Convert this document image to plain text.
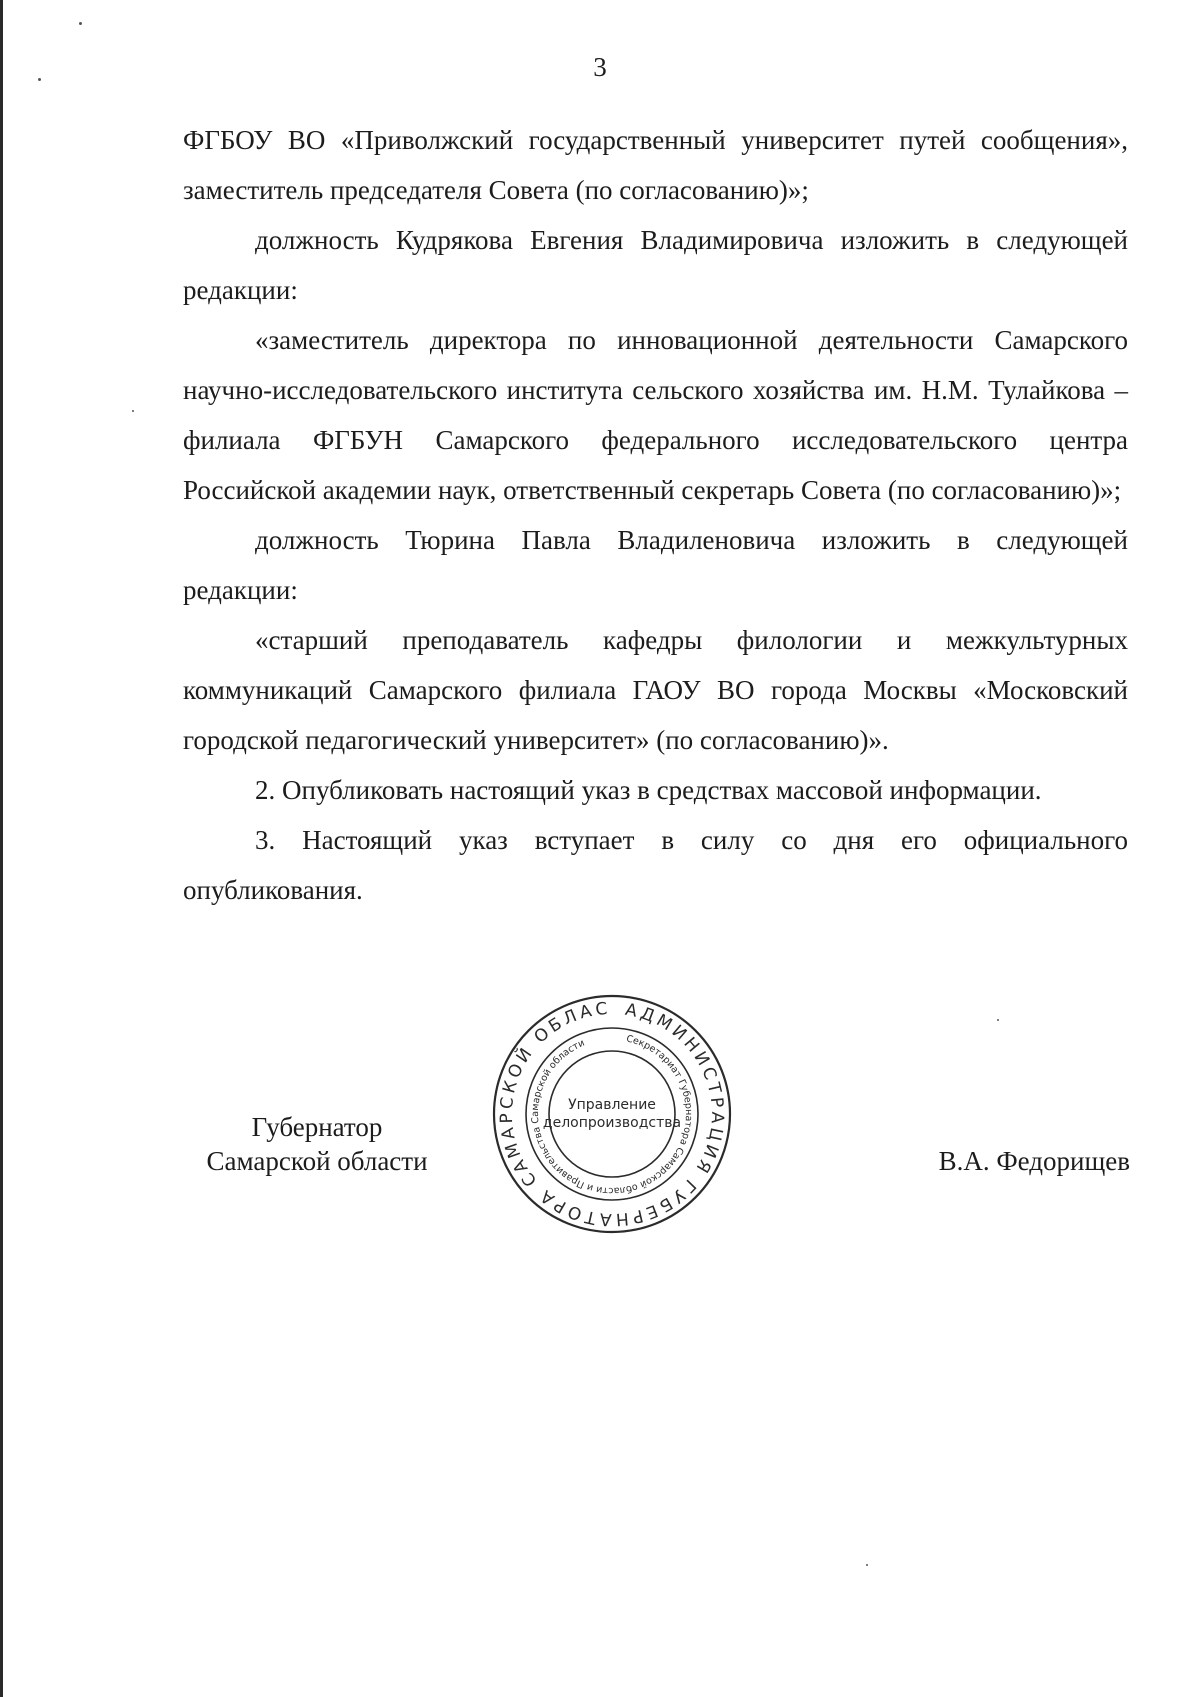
3

ФГБОУ ВО «Приволжский государственный университет путей сообщения», заместитель председателя Совета (по согласованию)»;

должность Кудрякова Евгения Владимировича изложить в следующей редакции:

«заместитель директора по инновационной деятельности Самарского научно-исследовательского института сельского хозяйства им. Н.М. Тулайкова – филиала ФГБУН Самарского федерального исследовательского центра Российской академии наук, ответственный секретарь Совета (по согласованию)»;

должность Тюрина Павла Владиленовича изложить в следующей редакции:

«старший преподаватель кафедры филологии и межкультурных коммуникаций Самарского филиала ГАОУ ВО города Москвы «Московский городской педагогический университет» (по согласованию)».

2. Опубликовать настоящий указ в средствах массовой информации.

3. Настоящий указ вступает в силу со дня его официального опубликования.

Губернатор
Самарской области
АДМИНИСТРАЦИЯ ГУБЕРНАТОРА САМАРСКОЙ ОБЛАС
Секретариат Губернатора Самарской области и Правительства Самарской области
Управление
делопроизводства
В.А. Федорищев
